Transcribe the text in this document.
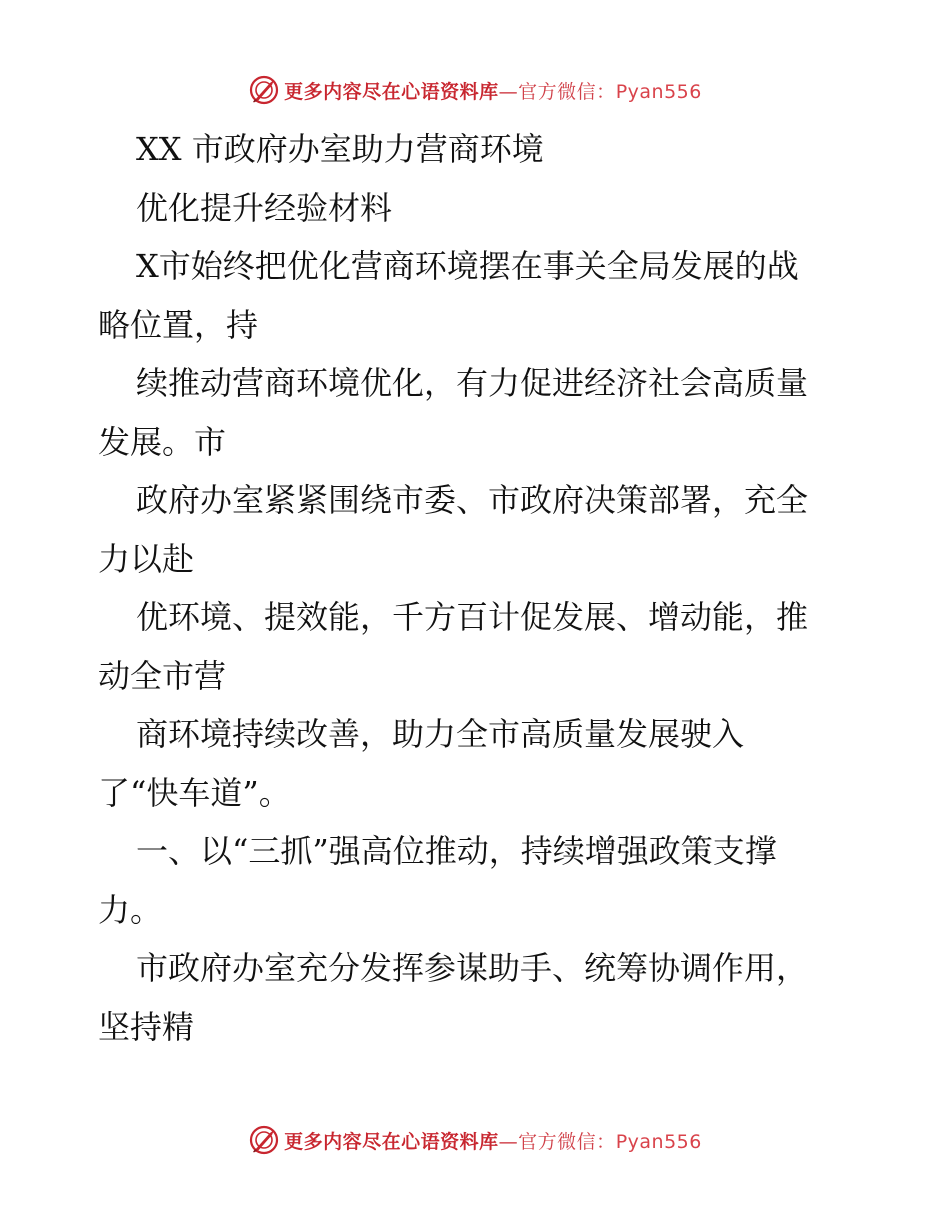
更多内容尽在心语资料库—官方微信：Pyan556
XX 市政府办室助力营商环境
优化提升经验材料
X市始终把优化营商环境摆在事关全局发展的战
略位置，持
续推动营商环境优化，有力促进经济社会高质量
发展。市
政府办室紧紧围绕市委、市政府决策部署，充全
力以赴
优环境、提效能，千方百计促发展、增动能，推
动全市营
商环境持续改善，助力全市高质量发展驶入
了“快车道”。
一、以“三抓”强高位推动，持续增强政策支撑
力。
市政府办室充分发挥参谋助手、统筹协调作用，
坚持精
更多内容尽在心语资料库—官方微信：Pyan556
